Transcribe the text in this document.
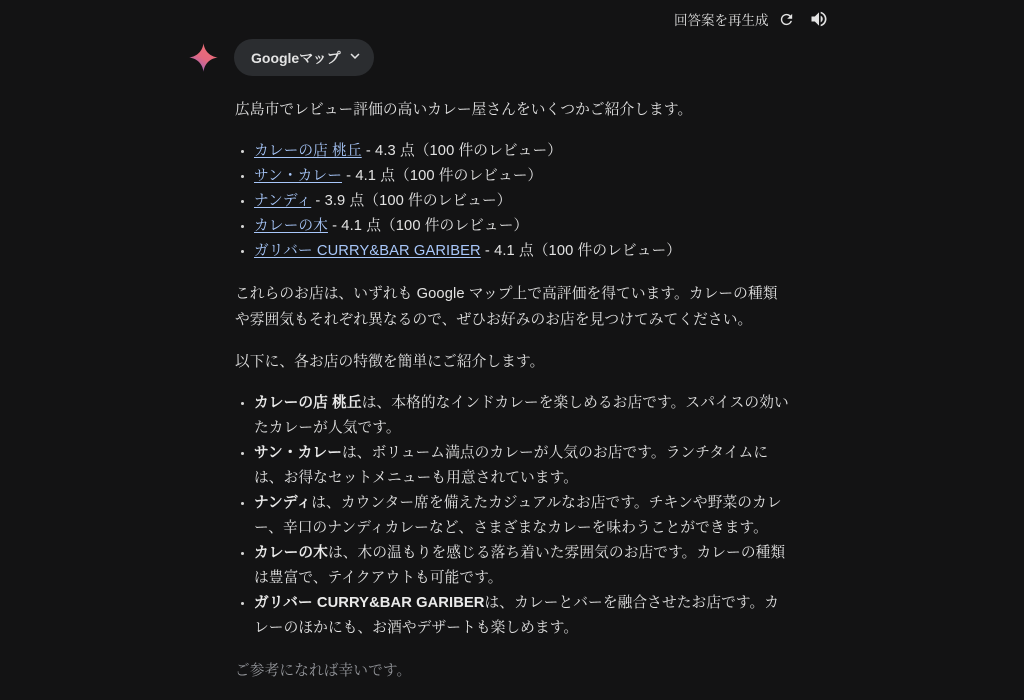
回答案を再生成
Googleマップ

広島市でレビュー評価の高いカレー屋さんをいくつかご紹介します。

• カレーの店 桃丘 - 4.3 点（100 件のレビュー）
• サン・カレー - 4.1 点（100 件のレビュー）
• ナンディ - 3.9 点（100 件のレビュー）
• カレーの木 - 4.1 点（100 件のレビュー）
• ガリバー CURRY&BAR GARIBER - 4.1 点（100 件のレビュー）

これらのお店は、いずれも Google マップ上で高評価を得ています。カレーの種類や雰囲気もそれぞれ異なるので、ぜひお好みのお店を見つけてみてください。

以下に、各お店の特徴を簡単にご紹介します。

• カレーの店 桃丘は、本格的なインドカレーを楽しめるお店です。スパイスの効いたカレーが人気です。
• サン・カレーは、ボリューム満点のカレーが人気のお店です。ランチタイムには、お得なセットメニューも用意されています。
• ナンディは、カウンター席を備えたカジュアルなお店です。チキンや野菜のカレー、辛口のナンディカレーなど、さまざまなカレーを味わうことができます。
• カレーの木は、木の温もりを感じる落ち着いた雰囲気のお店です。カレーの種類は豊富で、テイクアウトも可能です。
• ガリバー CURRY&BAR GARIBERは、カレーとバーを融合させたお店です。カレーのほかにも、お酒やデザートも楽しめます。

ご参考になれば幸いです。
